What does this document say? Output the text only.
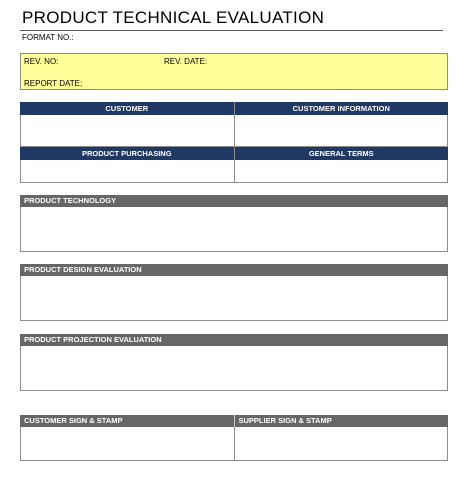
PRODUCT TECHNICAL EVALUATION
FORMAT NO.:
REV. NO:	REV. DATE:
REPORT DATE:
CUSTOMER	CUSTOMER INFORMATION
PRODUCT PURCHASING	GENERAL TERMS
PRODUCT TECHNOLOGY
PRODUCT DESIGN EVALUATION
PRODUCT PROJECTION EVALUATION
CUSTOMER SIGN & STAMP	SUPPLIER SIGN & STAMP
